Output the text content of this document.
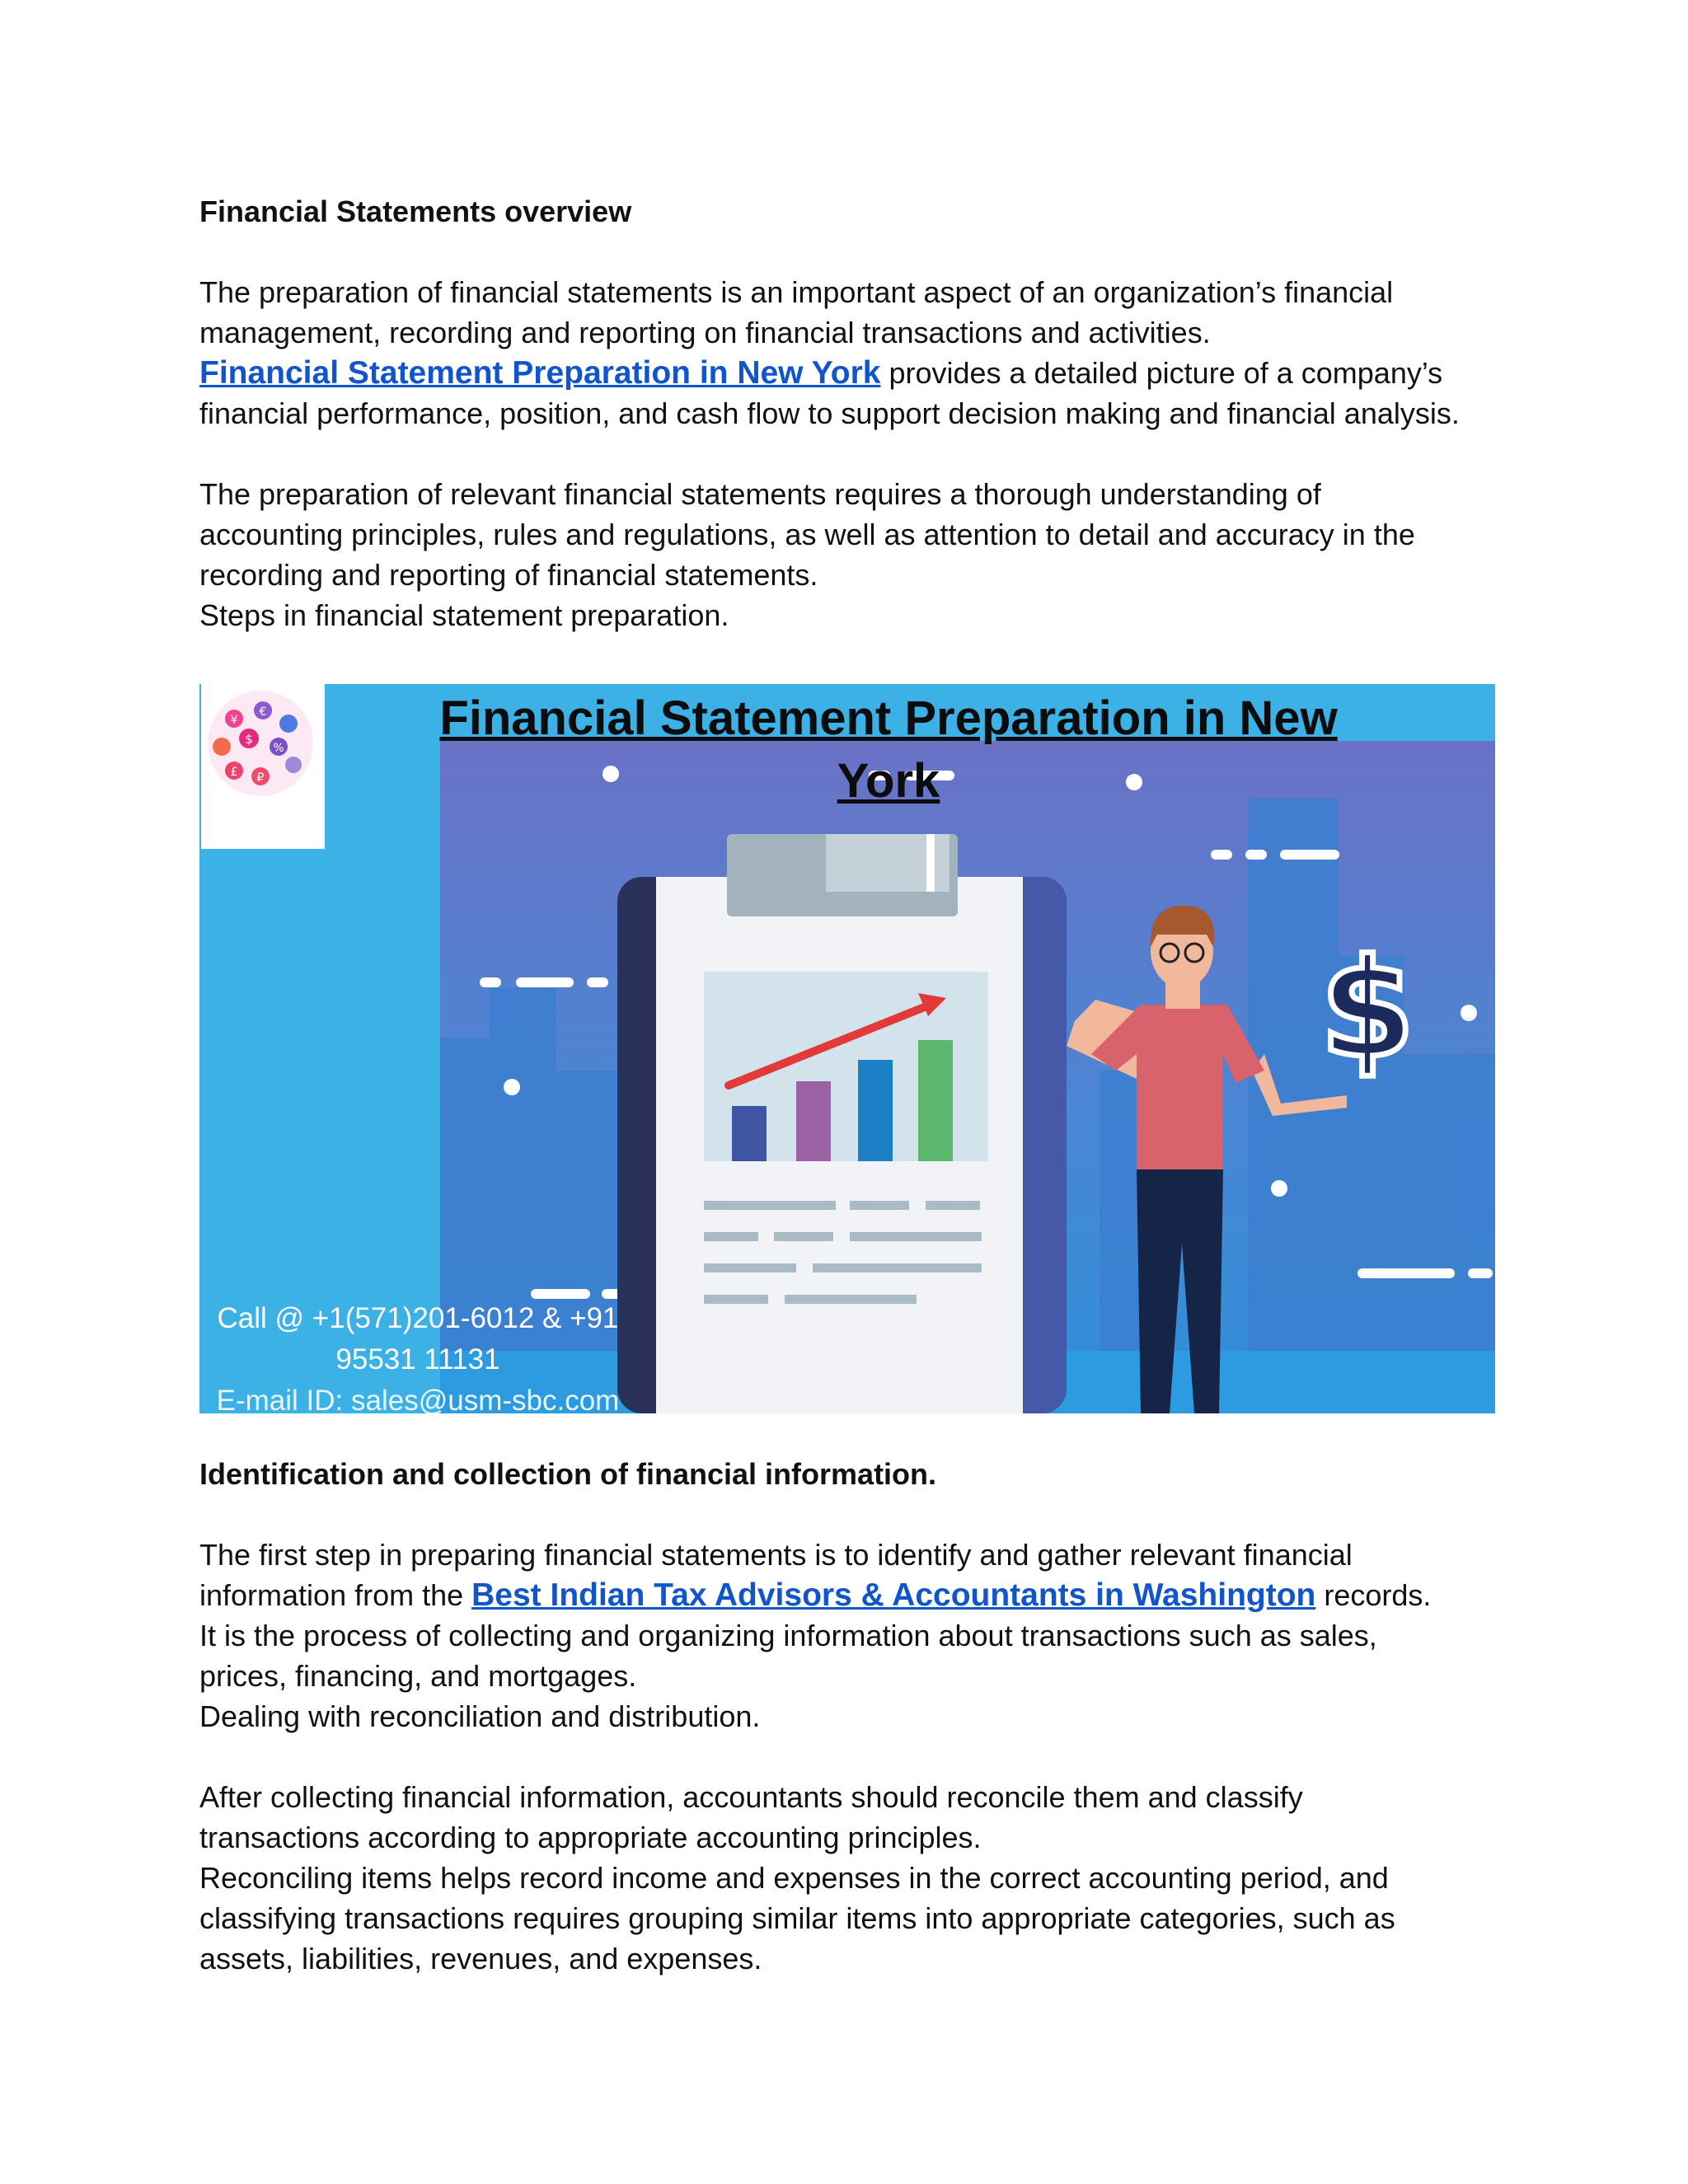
Financial Statements overview

The preparation of financial statements is an important aspect of an organization’s financial

management, recording and reporting on financial transactions and activities.

Financial Statement Preparation in New York provides a detailed picture of a company’s

financial performance, position, and cash flow to support decision making and financial analysis.

The preparation of relevant financial statements requires a thorough understanding of

accounting principles, rules and regulations, as well as attention to detail and accuracy in the

recording and reporting of financial statements.

Steps in financial statement preparation.

$
¥
€
$
%
£ ₽
Financial Statement Preparation in New York
Call @ +1(571)201-6012 & +91
95531 11131
E-mail ID: sales@usm-sbc.com

Identification and collection of financial information.

The first step in preparing financial statements is to identify and gather relevant financial

information from the Best Indian Tax Advisors & Accountants in Washington records.

It is the process of collecting and organizing information about transactions such as sales,

prices, financing, and mortgages.

Dealing with reconciliation and distribution.

After collecting financial information, accountants should reconcile them and classify

transactions according to appropriate accounting principles.

Reconciling items helps record income and expenses in the correct accounting period, and

classifying transactions requires grouping similar items into appropriate categories, such as

assets, liabilities, revenues, and expenses.
